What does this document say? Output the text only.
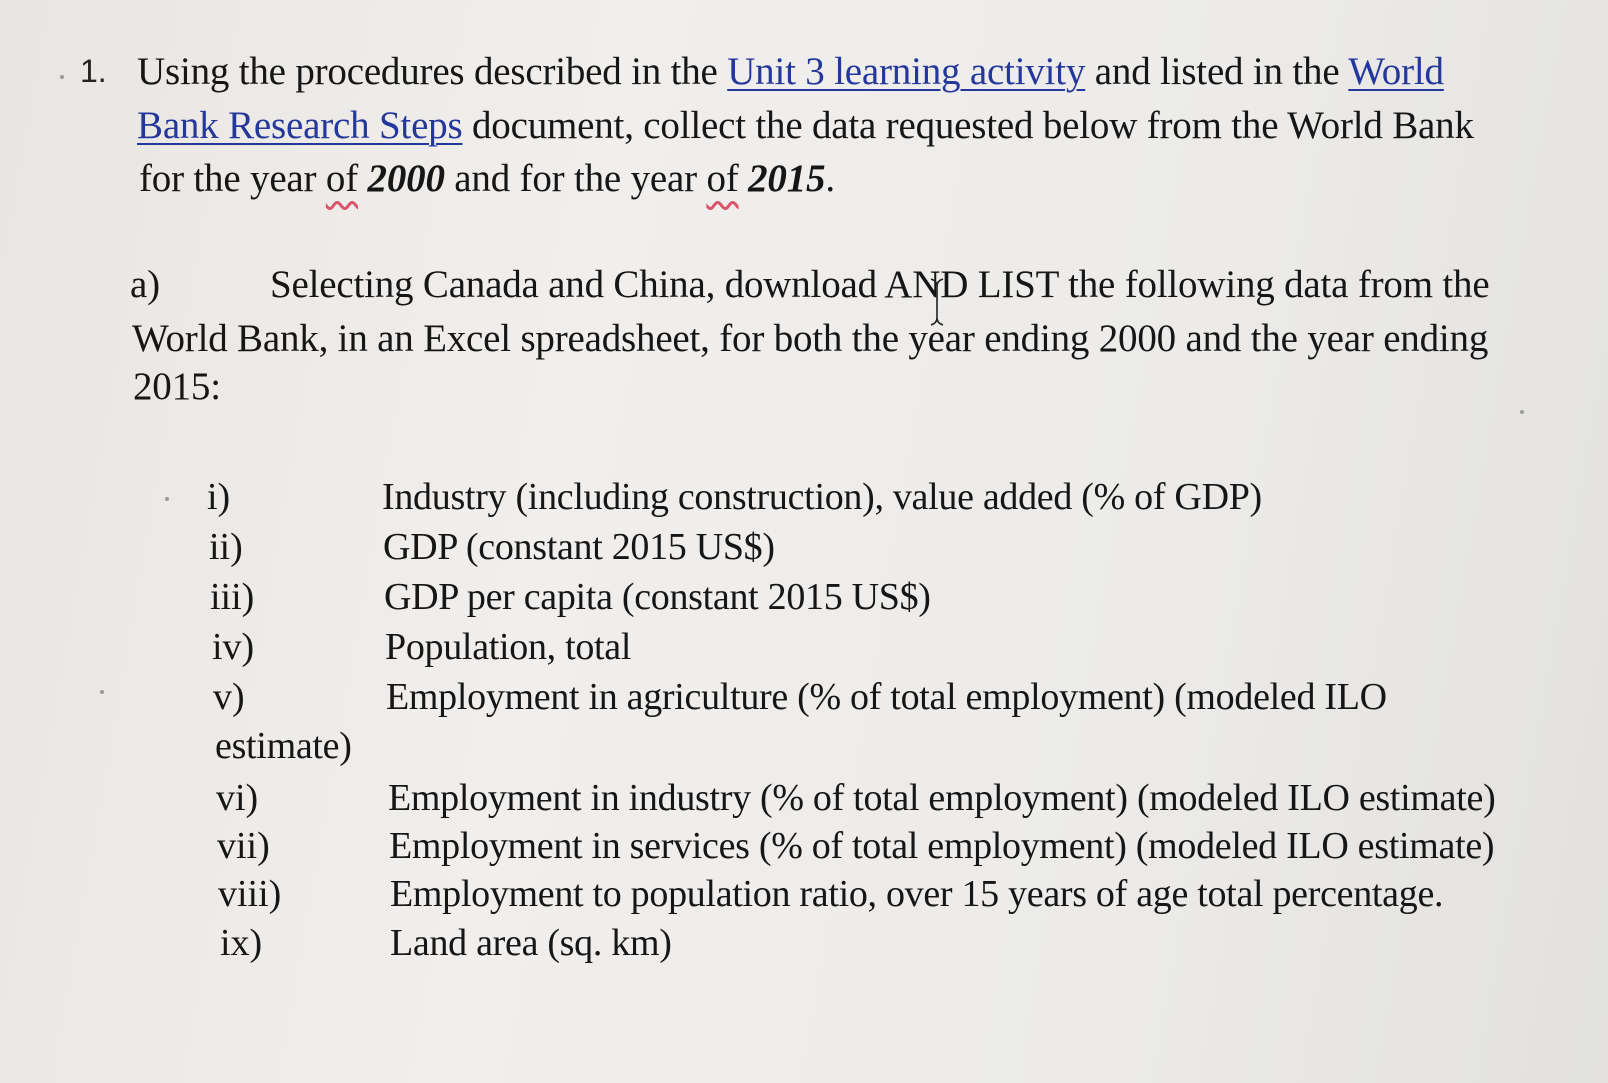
1. Using the procedures described in the Unit 3 learning activity and listed in the World
Bank Research Steps document, collect the data requested below from the World Bank
for the year of 2000 and for the year of 2015.
a)	Selecting Canada and China, download AND LIST the following data from the
World Bank, in an Excel spreadsheet, for both the year ending 2000 and the year ending
2015:
i)	Industry (including construction), value added (% of GDP)
ii)	GDP (constant 2015 US$)
iii)	GDP per capita (constant 2015 US$)
iv)	Population, total
v)	Employment in agriculture (% of total employment) (modeled ILO
estimate)
vi)	Employment in industry (% of total employment) (modeled ILO estimate)
vii)	Employment in services (% of total employment) (modeled ILO estimate)
viii)	Employment to population ratio, over 15 years of age total percentage.
ix)	Land area (sq. km)
